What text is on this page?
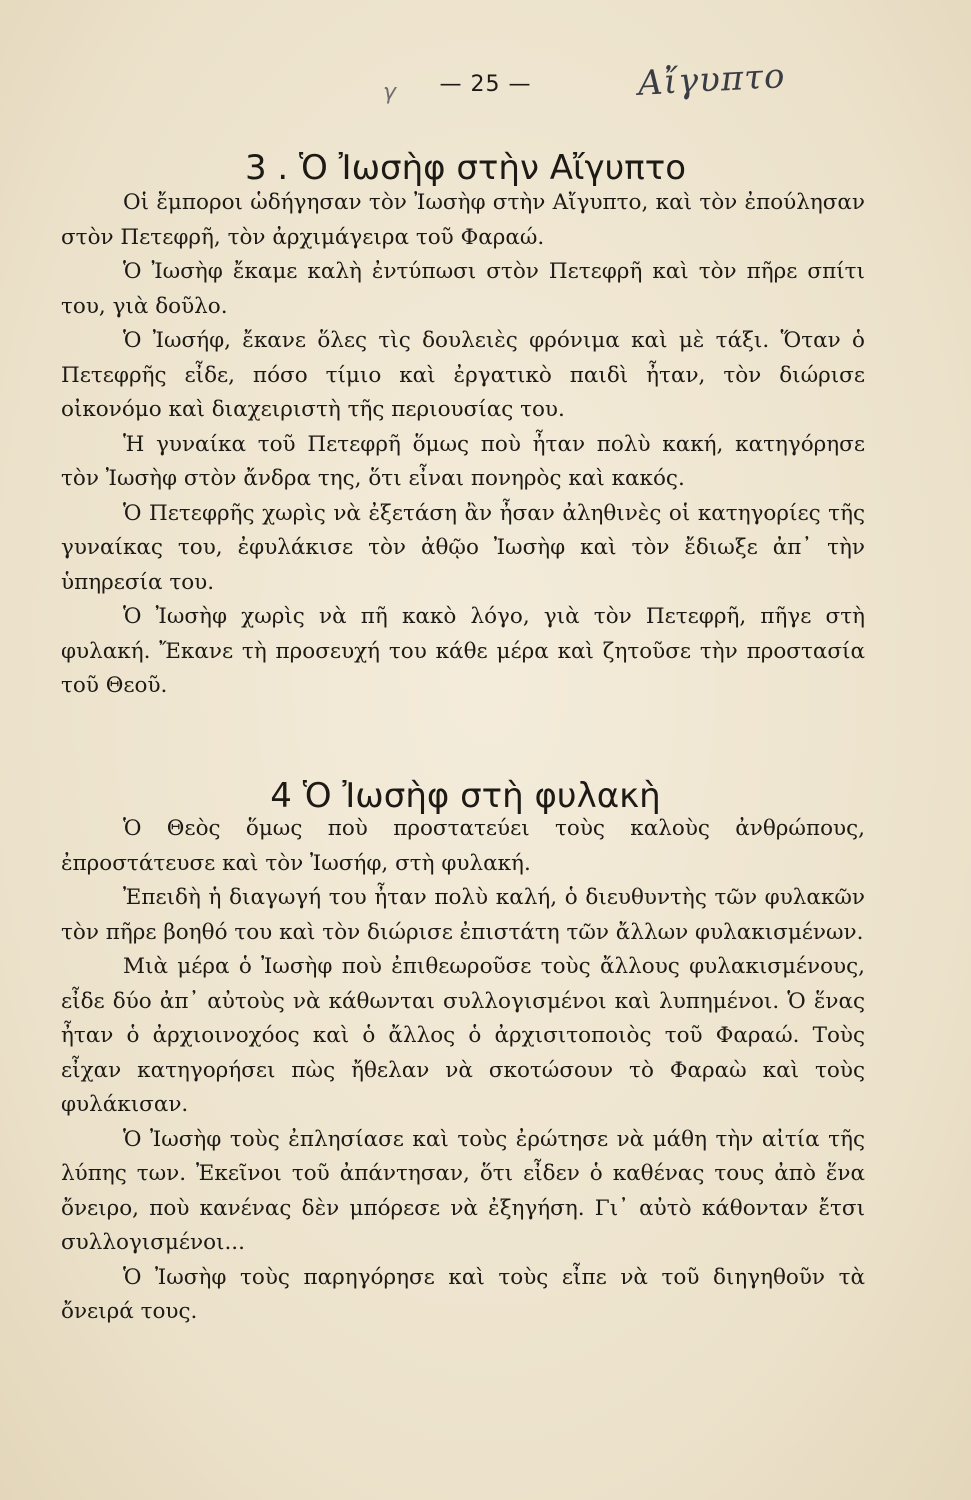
γ	— 25 —	Αἴγυπτο
3 . Ὁ Ἰωσὴφ στὴν Αἴγυπτο

Οἱ ἔμποροι ὡδήγησαν τὸν Ἰωσὴφ στὴν Αἴγυπτο, καὶ τὸν ἐπούλησαν στὸν Πετεφρῆ, τὸν ἀρχιμάγειρα τοῦ Φαραώ.

Ὁ Ἰωσὴφ ἔκαμε καλὴ ἐντύπωσι στὸν Πετεφρῆ καὶ τὸν πῆρε σπίτι του, γιὰ δοῦλο.

Ὁ Ἰωσήφ, ἔκανε ὅλες τὶς δουλειὲς φρόνιμα καὶ μὲ τάξι. Ὅταν ὁ Πετεφρῆς εἶδε, πόσο τίμιο καὶ ἐργατικὸ παιδὶ ἦταν, τὸν διώρισε οἰκονόμο καὶ διαχειριστὴ τῆς περιουσίας του.

Ἡ γυναίκα τοῦ Πετεφρῆ ὅμως ποὺ ἦταν πολὺ κακή, κατηγόρησε τὸν Ἰωσὴφ στὸν ἄνδρα της, ὅτι εἶναι πονηρὸς καὶ κακός.

Ὁ Πετεφρῆς χωρὶς νὰ ἐξετάση ἂν ἦσαν ἀληθινὲς οἱ κατηγορίες τῆς γυναίκας του, ἐφυλάκισε τὸν ἀθῷο Ἰωσὴφ καὶ τὸν ἔδιωξε ἀπ᾿ τὴν ὑπηρεσία του.

Ὁ Ἰωσὴφ χωρὶς νὰ πῆ κακὸ λόγο, γιὰ τὸν Πετεφρῆ, πῆγε στὴ φυλακή. Ἔκανε τὴ προσευχή του κάθε μέρα καὶ ζητοῦσε τὴν προστασία τοῦ Θεοῦ.

4 Ὁ Ἰωσὴφ στὴ φυλακὴ

Ὁ Θεὸς ὅμως ποὺ προστατεύει τοὺς καλοὺς ἀνθρώπους, ἐπροστάτευσε καὶ τὸν Ἰωσήφ, στὴ φυλακή.

Ἐπειδὴ ἡ διαγωγή του ἦταν πολὺ καλή, ὁ διευθυντὴς τῶν φυλακῶν τὸν πῆρε βοηθό του καὶ τὸν διώρισε ἐπιστάτη τῶν ἄλλων φυλακισμένων.

Μιὰ μέρα ὁ Ἰωσὴφ ποὺ ἐπιθεωροῦσε τοὺς ἄλλους φυλακισμένους, εἶδε δύο ἀπ᾿ αὐτοὺς νὰ κάθωνται συλλογισμένοι καὶ λυπημένοι. Ὁ ἕνας ἦταν ὁ ἀρχιοινοχόος καὶ ὁ ἄλλος ὁ ἀρχισιτοποιὸς τοῦ Φαραώ. Τοὺς εἶχαν κατηγορήσει πὼς ἤθελαν νὰ σκοτώσουν τὸ Φαραὼ καὶ τοὺς φυλάκισαν.

Ὁ Ἰωσὴφ τοὺς ἐπλησίασε καὶ τοὺς ἐρώτησε νὰ μάθη τὴν αἰτία τῆς λύπης των. Ἐκεῖνοι τοῦ ἀπάντησαν, ὅτι εἶδεν ὁ καθένας τους ἀπὸ ἕνα ὄνειρο, ποὺ κανένας δὲν μπόρεσε νὰ ἐξηγήση. Γι᾿ αὐτὸ κάθονταν ἔτσι συλλογισμένοι...

Ὁ Ἰωσὴφ τοὺς παρηγόρησε καὶ τοὺς εἶπε νὰ τοῦ διηγηθοῦν τὰ ὄνειρά τους.
